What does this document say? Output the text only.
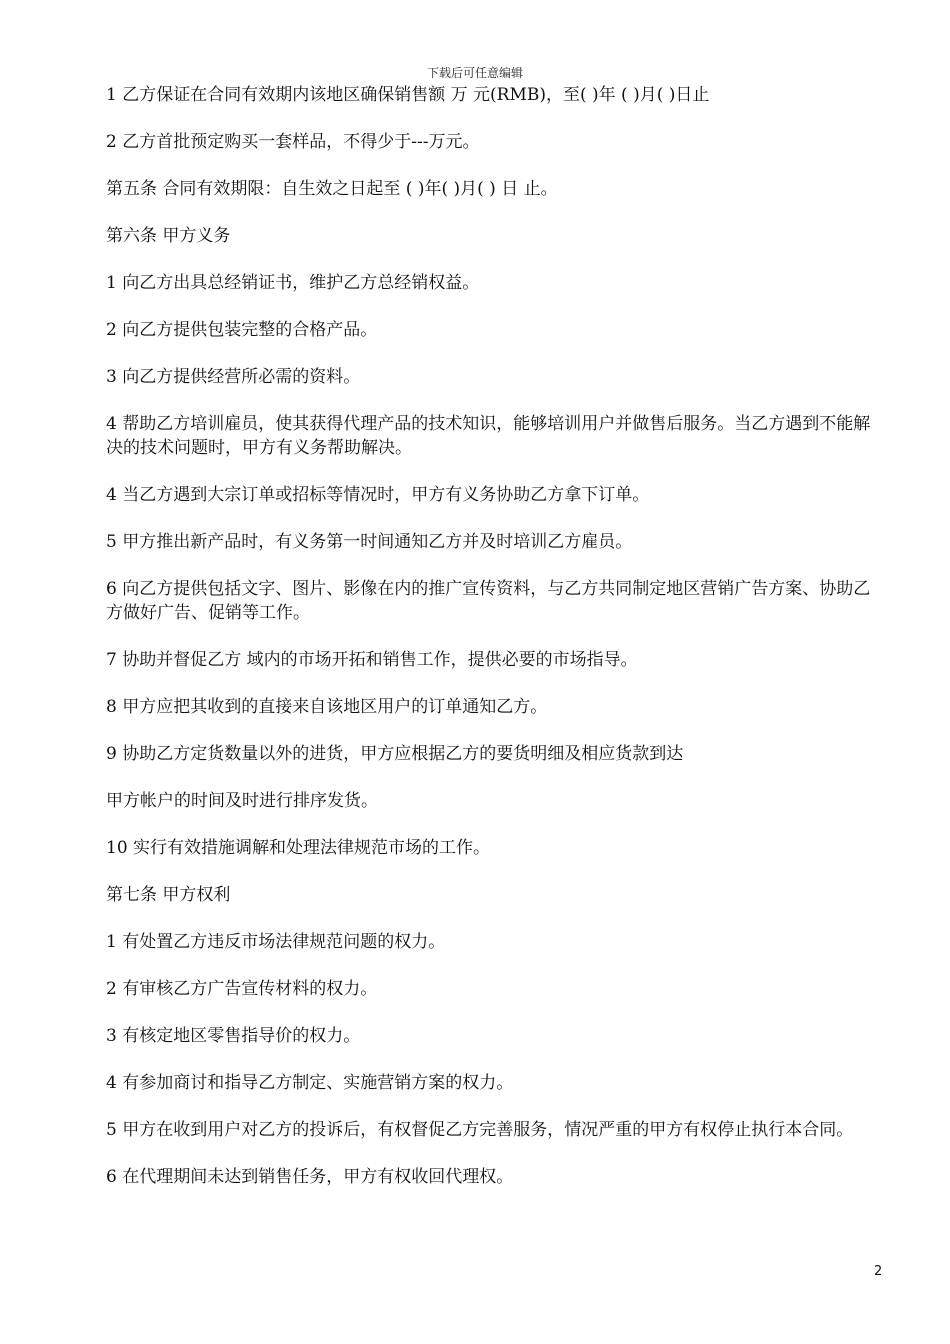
下载后可任意编辑

1 乙方保证在合同有效期内该地区确保销售额 万 元(RMB)，至( )年 ( )月( )日止

2 乙方首批预定购买一套样品，不得少于---万元。

第五条 合同有效期限：自生效之日起至 ( )年( )月( ) 日 止。

第六条 甲方义务

1 向乙方出具总经销证书，维护乙方总经销权益。

2 向乙方提供包装完整的合格产品。

3 向乙方提供经营所必需的资料。

4 帮助乙方培训雇员，使其获得代理产品的技术知识，能够培训用户并做售后服务。当乙方遇到不能解决的技术问题时，甲方有义务帮助解决。

4 当乙方遇到大宗订单或招标等情况时，甲方有义务协助乙方拿下订单。

5 甲方推出新产品时，有义务第一时间通知乙方并及时培训乙方雇员。

6 向乙方提供包括文字、图片、影像在内的推广宣传资料，与乙方共同制定地区营销广告方案、协助乙方做好广告、促销等工作。

7 协助并督促乙方 域内的市场开拓和销售工作，提供必要的市场指导。

8 甲方应把其收到的直接来自该地区用户的订单通知乙方。

9 协助乙方定货数量以外的进货，甲方应根据乙方的要货明细及相应货款到达

甲方帐户的时间及时进行排序发货。

10 实行有效措施调解和处理法律规范市场的工作。

第七条 甲方权利

1 有处置乙方违反市场法律规范问题的权力。

2 有审核乙方广告宣传材料的权力。

3 有核定地区零售指导价的权力。

4 有参加商讨和指导乙方制定、实施营销方案的权力。

5 甲方在收到用户对乙方的投诉后，有权督促乙方完善服务，情况严重的甲方有权停止执行本合同。

6 在代理期间未达到销售任务，甲方有权收回代理权。

2
